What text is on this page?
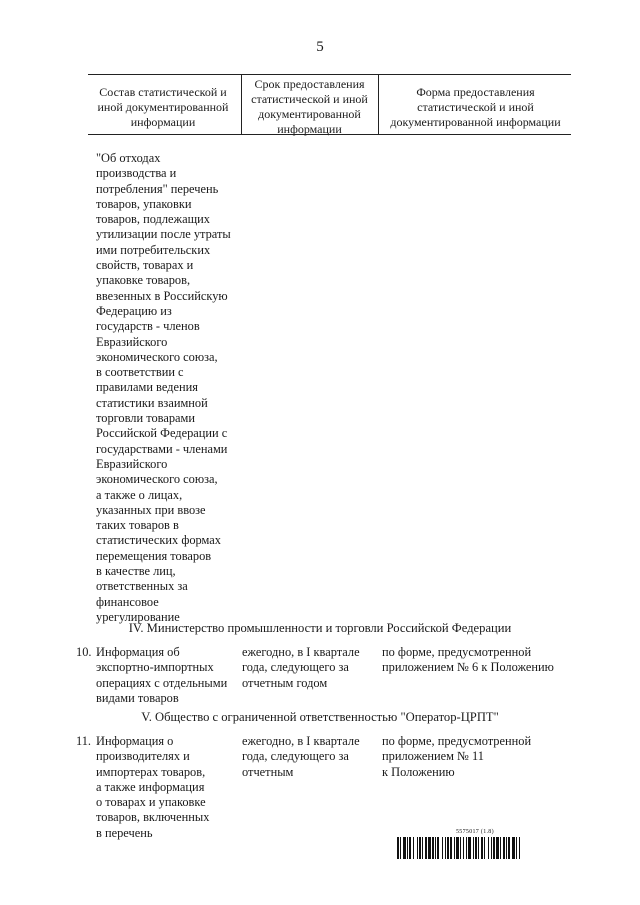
5
Состав статистической и иной документированной информации
Срок предоставления статистической и иной документированной информации
Форма предоставления статистической и иной документированной информации
"Об отходах
производства и
потребления" перечень
товаров, упаковки
товаров, подлежащих
утилизации после утраты
ими потребительских
свойств, товарах и
упаковке товаров,
ввезенных в Российскую
Федерацию из
государств - членов
Евразийского
экономического союза,
в соответствии с
правилами ведения
статистики взаимной
торговли товарами
Российской Федерации с
государствами - членами
Евразийского
экономического союза,
а также о лицах,
указанных при ввозе
таких товаров в
статистических формах
перемещения товаров
в качестве лиц,
ответственных за
финансовое
урегулирование
IV. Министерство промышленности и торговли Российской Федерации
10. Информация об
экспортно-импортных
операциях с отдельными
видами товаров
ежегодно, в I квартале
года, следующего за
отчетным годом
по форме, предусмотренной
приложением № 6 к Положению
V. Общество с ограниченной ответственностью "Оператор-ЦРПТ"
11. Информация о
производителях и
импортерах товаров,
а также информация
о товарах и упаковке
товаров, включенных
в перечень
ежегодно, в I квартале
года, следующего за
отчетным
по форме, предусмотренной
приложением № 11
к Положению
5575017 (1.8)
